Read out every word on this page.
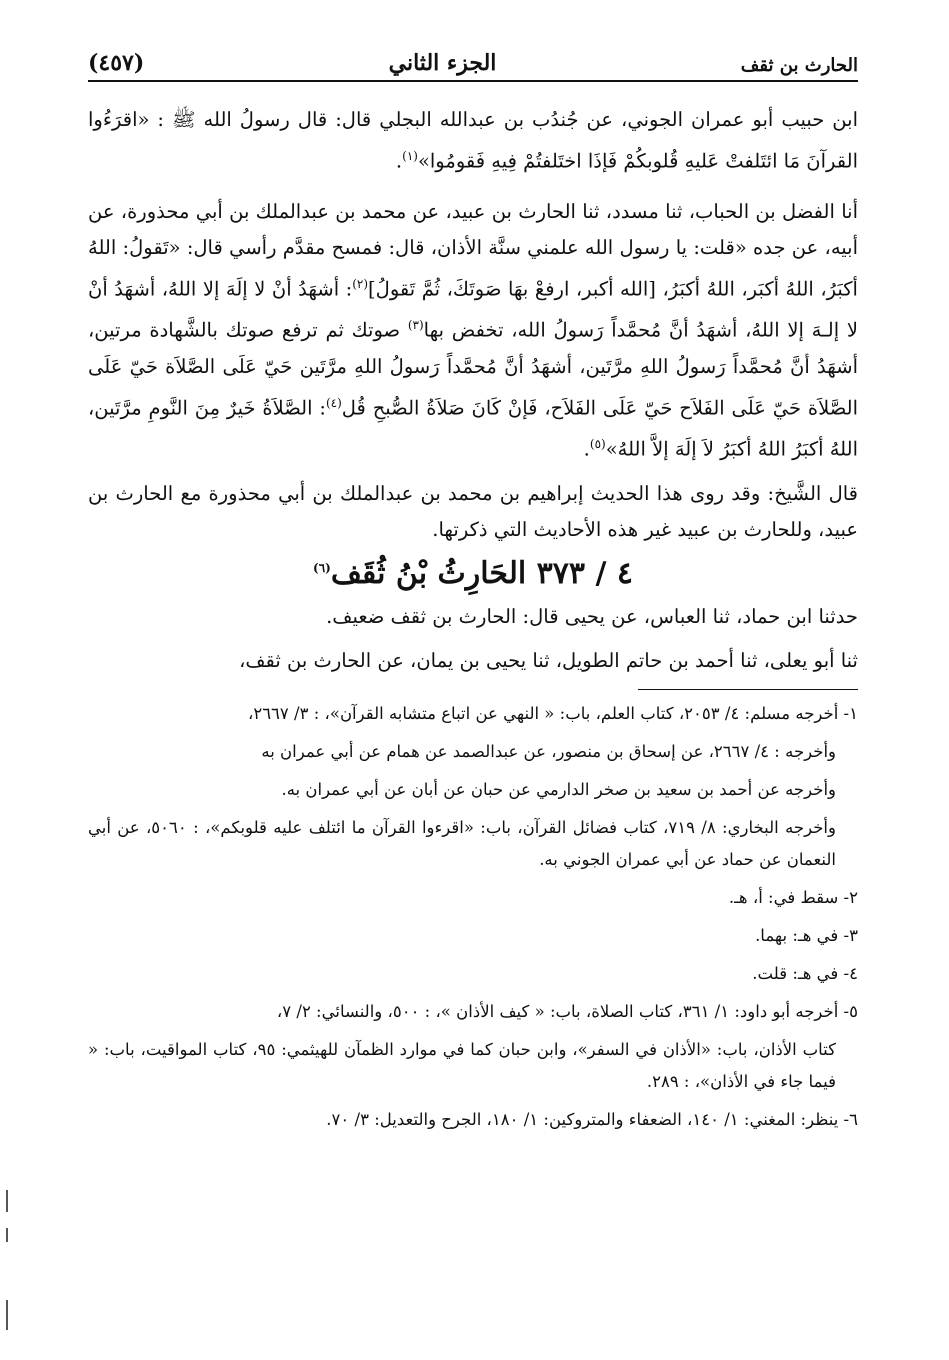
الحارث بن ثقف
الجزء الثاني
(٤٥٧)

ابن حبيب أبو عمران الجوني، عن جُندُب بن عبدالله البجلي قال: قال رسولُ الله ﷺ : «اقرَءُوا القرآنَ مَا ائتَلفتْ عَليهِ قُلوبكُمْ فَإذَا اختَلفتُمْ فِيهِ فَقومُوا»$^{(١)}$.

أنا الفضل بن الحباب، ثنا مسدد، ثنا الحارث بن عبيد، عن محمد بن عبدالملك بن أبي محذورة، عن أبيه، عن جده «قلت: يا رسول الله علمني سنَّة الأذان، قال: فمسح مقدَّم رأسي قال: «تَقولُ: اللهُ أكبَرُ، اللهُ أكبَر، اللهُ أكبَرُ، [الله أكبر، ارفعْ بهَا صَوتَكَ، ثُمَّ تَقولُ]$^{(٢)}$: أشهَدُ أنْ لا إلَهَ إلا اللهُ، أشهَدُ أنْ لا إلـهَ إلا اللهُ، أشهَدُ أنَّ مُحمَّداً رَسولُ الله، تخفض بها$^{(٣)}$ صوتك ثم ترفع صوتك بالشَّهادة مرتين، أشهَدُ أنَّ مُحمَّداً رَسولُ اللهِ مرَّتَين، أشهَدُ أنَّ مُحمَّداً رَسولُ اللهِ مرَّتَين حَيّ عَلَى الصَّلاَة حَيّ عَلَى الصَّلاَة حَيّ عَلَى الفَلاَح حَيّ عَلَى الفَلاَح، فَإنْ كَانَ صَلاَةُ الصُّبحِ قُل$^{(٤)}$: الصَّلاَةُ خَيرٌ مِنَ النَّومِ مرَّتَين، اللهُ أكبَرُ اللهُ أكبَرُ لاَ إلَهَ إلاَّ اللهُ»$^{(٥)}$.

قال الشَّيخ: وقد روى هذا الحديث إبراهيم بن محمد بن عبدالملك بن أبي محذورة مع الحارث بن عبيد، وللحارث بن عبيد غير هذه الأحاديث التي ذكرتها.

٤ / ٣٧٣ الحَارِثُ بْنُ ثُقَف$^{(٦)}$

حدثنا ابن حماد، ثنا العباس، عن يحيى قال: الحارث بن ثقف ضعيف.

ثنا أبو يعلى، ثنا أحمد بن حاتم الطويل، ثنا يحيى بن يمان، عن الحارث بن ثقف،

١- أخرجه مسلم: ٤/ ٢٠٥٣، كتاب العلم، باب: « النهي عن اتباع متشابه القرآن»، : ٣/ ٢٦٦٧،

وأخرجه : ٤/ ٢٦٦٧، عن إسحاق بن منصور، عن عبدالصمد عن همام عن أبي عمران به

وأخرجه عن أحمد بن سعيد بن صخر الدارمي عن حبان عن أبان عن أبي عمران به.

وأخرجه البخاري: ٨/ ٧١٩، كتاب فضائل القرآن، باب: «اقرءوا القرآن ما ائتلف عليه قلوبكم»، : ٥٠٦٠، عن أبي النعمان عن حماد عن أبي عمران الجوني به.

٢- سقط في: أ، هـ.

٣- في هـ: بهما.

٤- في هـ: قلت.

٥- أخرجه أبو داود: ١/ ٣٦١، كتاب الصلاة، باب: « كيف الأذان »، : ٥٠٠، والنسائي: ٢/ ٧،

كتاب الأذان، باب: «الأذان في السفر»، وابن حبان كما في موارد الظمآن للهيثمي: ٩٥، كتاب المواقيت، باب: « فيما جاء في الأذان»، : ٢٨٩.

٦- ينظر: المغني: ١/ ١٤٠، الضعفاء والمتروكين: ١/ ١٨٠، الجرح والتعديل: ٣/ ٧٠.
